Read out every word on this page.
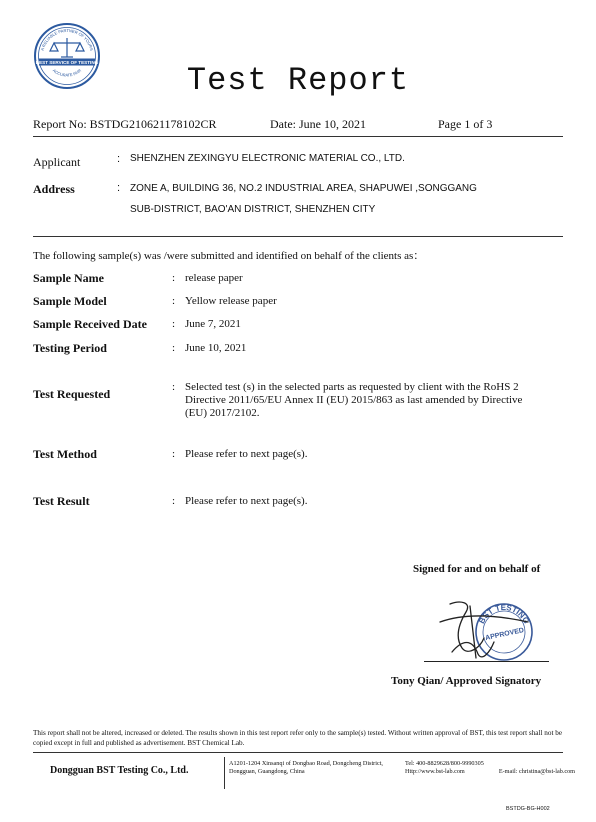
A RELIABLE PARTNER OF YOURS
BEST SERVICE OF TESTING
ACCURATE FAIR	Test Report
Report No: BSTDG210621178102CR	Date: June 10, 2021	Page 1 of 3
Applicant	: SHENZHEN ZEXINGYU ELECTRONIC MATERIAL CO., LTD.
Address	: ZONE A, BUILDING 36, NO.2 INDUSTRIAL AREA, SHAPUWEI ,SONGGANG
SUB-DISTRICT, BAO'AN DISTRICT, SHENZHEN CITY
The following sample(s) was /were submitted and identified on behalf of the clients as：
Sample Name	: release paper
Sample Model	: Yellow release paper
Sample Received Date : June 7, 2021
Testing Period	: June 10, 2021
Test Requested	: Selected test (s) in the selected parts as requested by client with the RoHS 2
Directive 2011/65/EU Annex II (EU) 2015/863 as last amended by Directive
(EU) 2017/2102.
Test Method	: Please refer to next page(s).
Test Result	: Please refer to next page(s).
Signed for and on behalf of
BST TESTING
APPROVED
Tony Qian/ Approved Signatory
This report shall not be altered, increased or deleted. The results shown in this test report refer only to the sample(s) tested. Without written approval of BST, this test report shall not be copied except in full and published as advertisement. BST Chemical Lab.
Dongguan BST Testing Co., Ltd.
A1201-1204 Xinsanqi of Dongbao Road, Dongcheng District,
Dongguan, Guangdong, China
Tel: 400-8829628/800-9990305
Http://www.bst-lab.com	E-mail: christina@bst-lab.com
BSTDG-BG-H002
